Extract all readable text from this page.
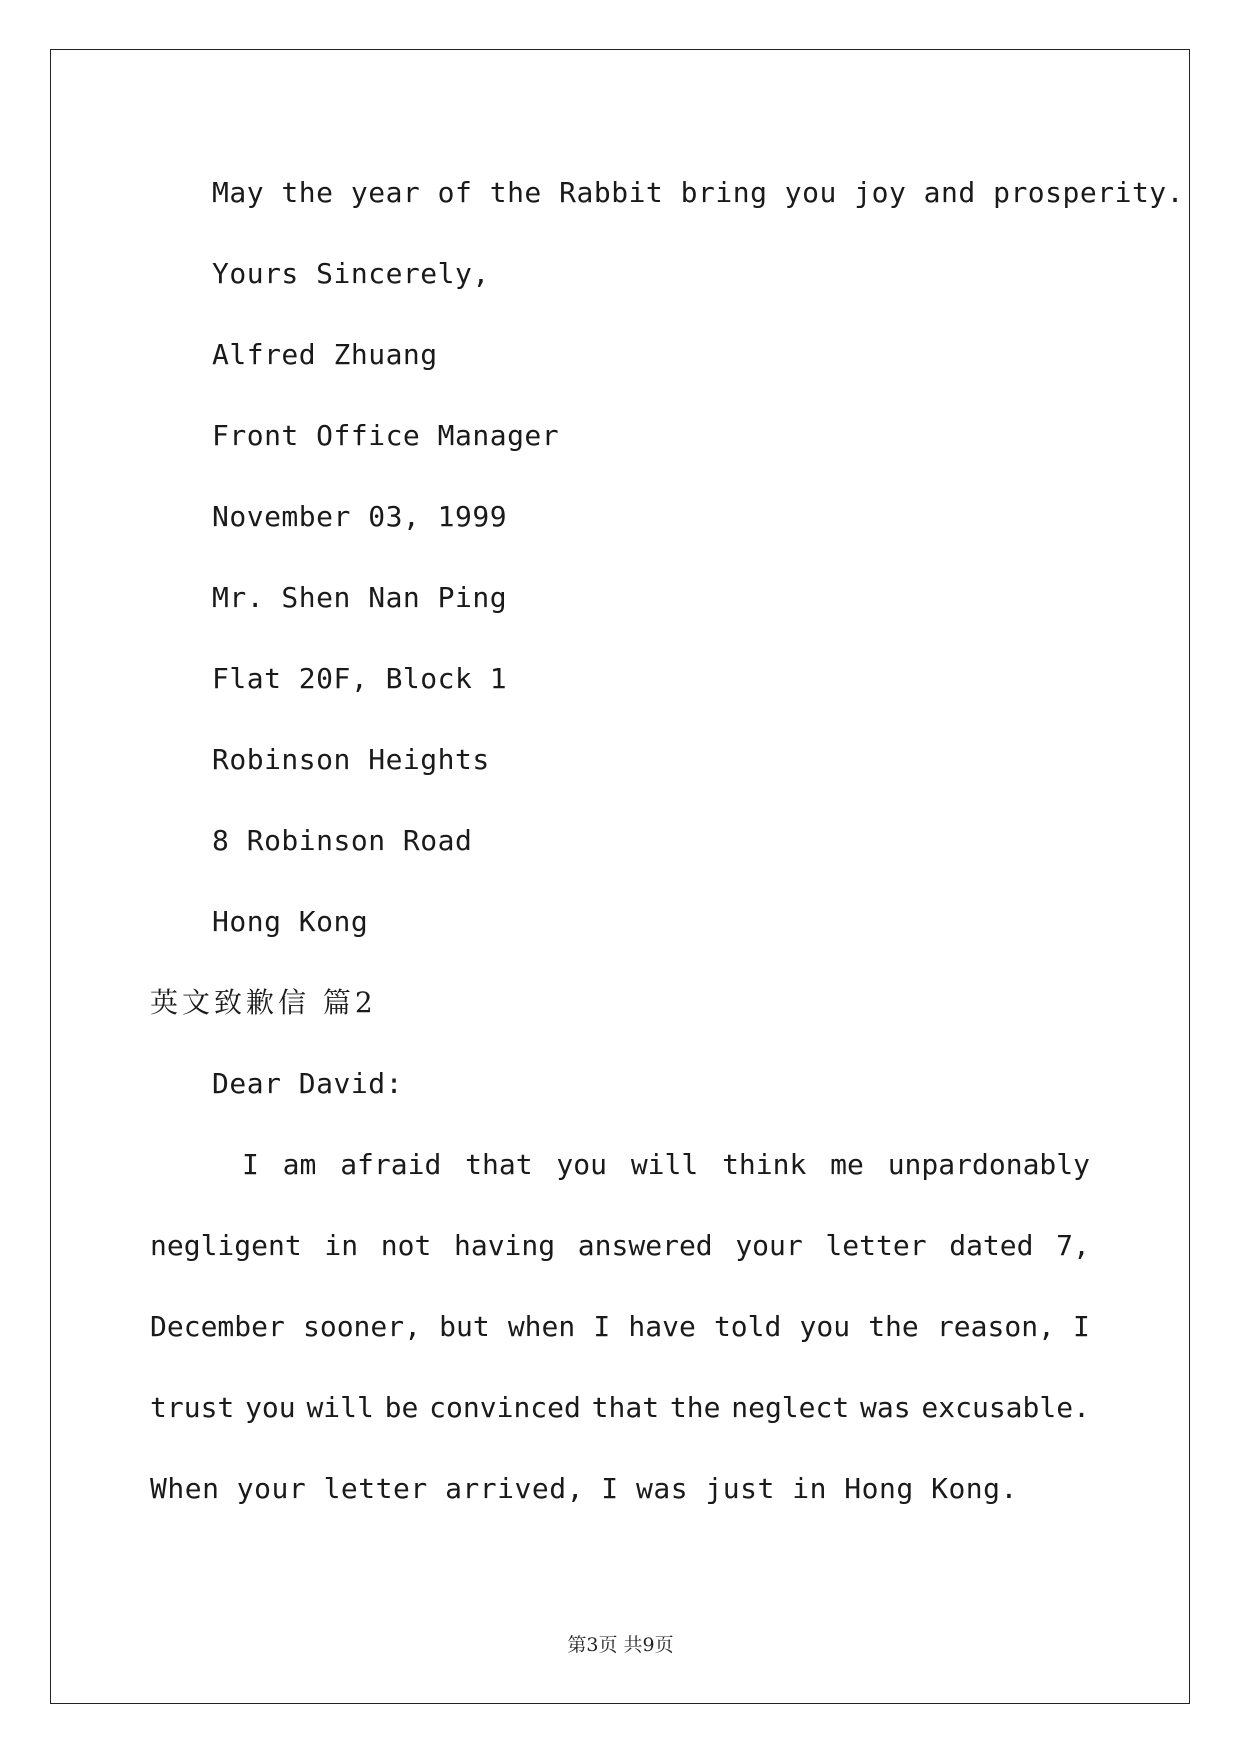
May the year of the Rabbit bring you joy and prosperity.
Yours Sincerely,
Alfred Zhuang
Front Office Manager
November 03, 1999
Mr. Shen Nan Ping
Flat 20F, Block 1
Robinson Heights
8 Robinson Road
Hong Kong
英文致歉信 篇2
Dear David:
I am afraid that you will think me unpardonably
negligent in not having answered your letter dated 7,
December sooner, but when I have told you the reason, I
trust you will be convinced that the neglect was excusable.
When your letter arrived, I was just in Hong Kong.
第3页 共9页
